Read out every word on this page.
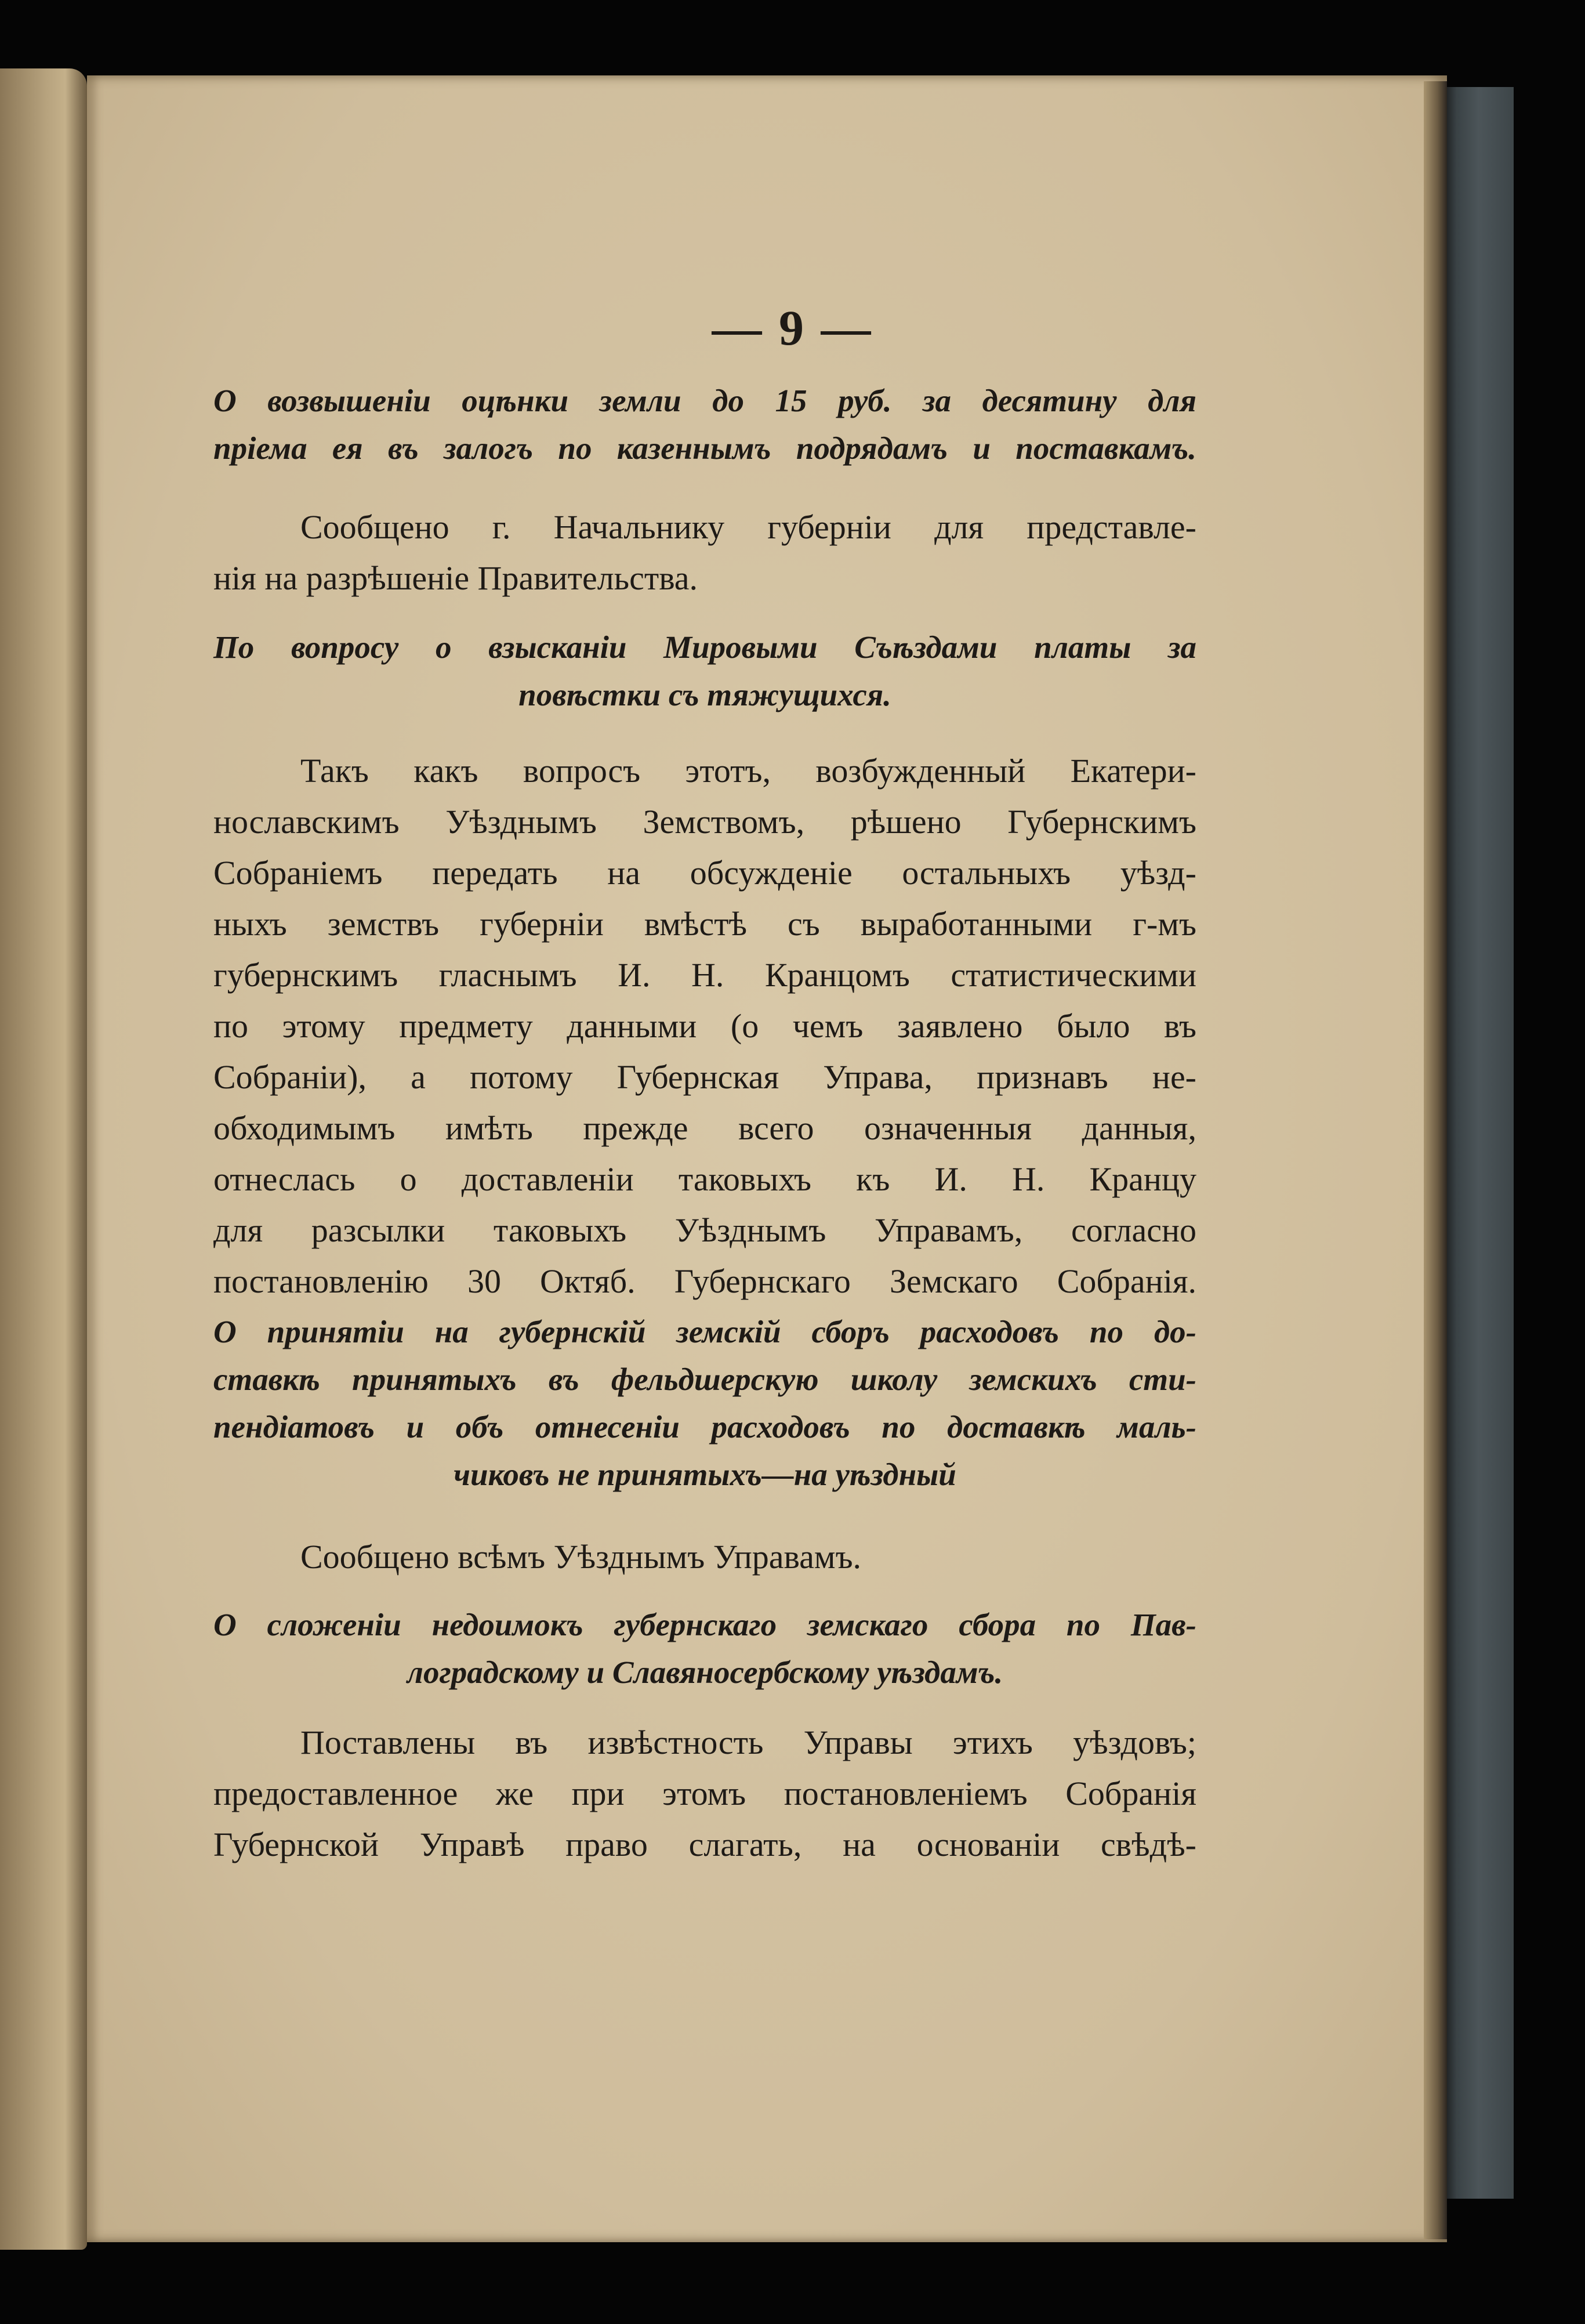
— 9 —
О возвышеніи оцѣнки земли до 15 руб. за десятину для
пріема ея въ залогъ по казеннымъ подрядамъ и поставкамъ.
Сообщено г. Начальнику губерніи для представле-
нія на разрѣшеніе Правительства.
По вопросу о взысканіи Мировыми Съѣздами платы за
повѣстки съ тяжущихся.
Такъ какъ вопросъ этотъ, возбужденный Екатери-
нославскимъ Уѣзднымъ Земствомъ, рѣшено Губернскимъ
Собраніемъ передать на обсужденіе остальныхъ уѣзд-
ныхъ земствъ губерніи вмѣстѣ съ выработанными г-мъ
губернскимъ гласнымъ И. Н. Кранцомъ статистическими
по этому предмету данными (о чемъ заявлено было въ
Собраніи), а потому Губернская Управа, признавъ не-
обходимымъ имѣть прежде всего означенныя данныя,
отнеслась о доставленіи таковыхъ къ И. Н. Кранцу
для разсылки таковыхъ Уѣзднымъ Управамъ, согласно
постановленію 30 Октяб. Губернскаго Земскаго Собранія.
О принятіи на губернскій земскій сборъ расходовъ по до-
ставкѣ принятыхъ въ фельдшерскую школу земскихъ сти-
пендіатовъ и объ отнесеніи расходовъ по доставкѣ маль-
чиковъ не принятыхъ—на уѣздный
Сообщено всѣмъ Уѣзднымъ Управамъ.
О сложеніи недоимокъ губернскаго земскаго сбора по Пав-
лоградскому и Славяносербскому уѣздамъ.
Поставлены въ извѣстность Управы этихъ уѣздовъ;
предоставленное же при этомъ постановленіемъ Собранія
Губернской Управѣ право слагать, на основаніи свѣдѣ-
